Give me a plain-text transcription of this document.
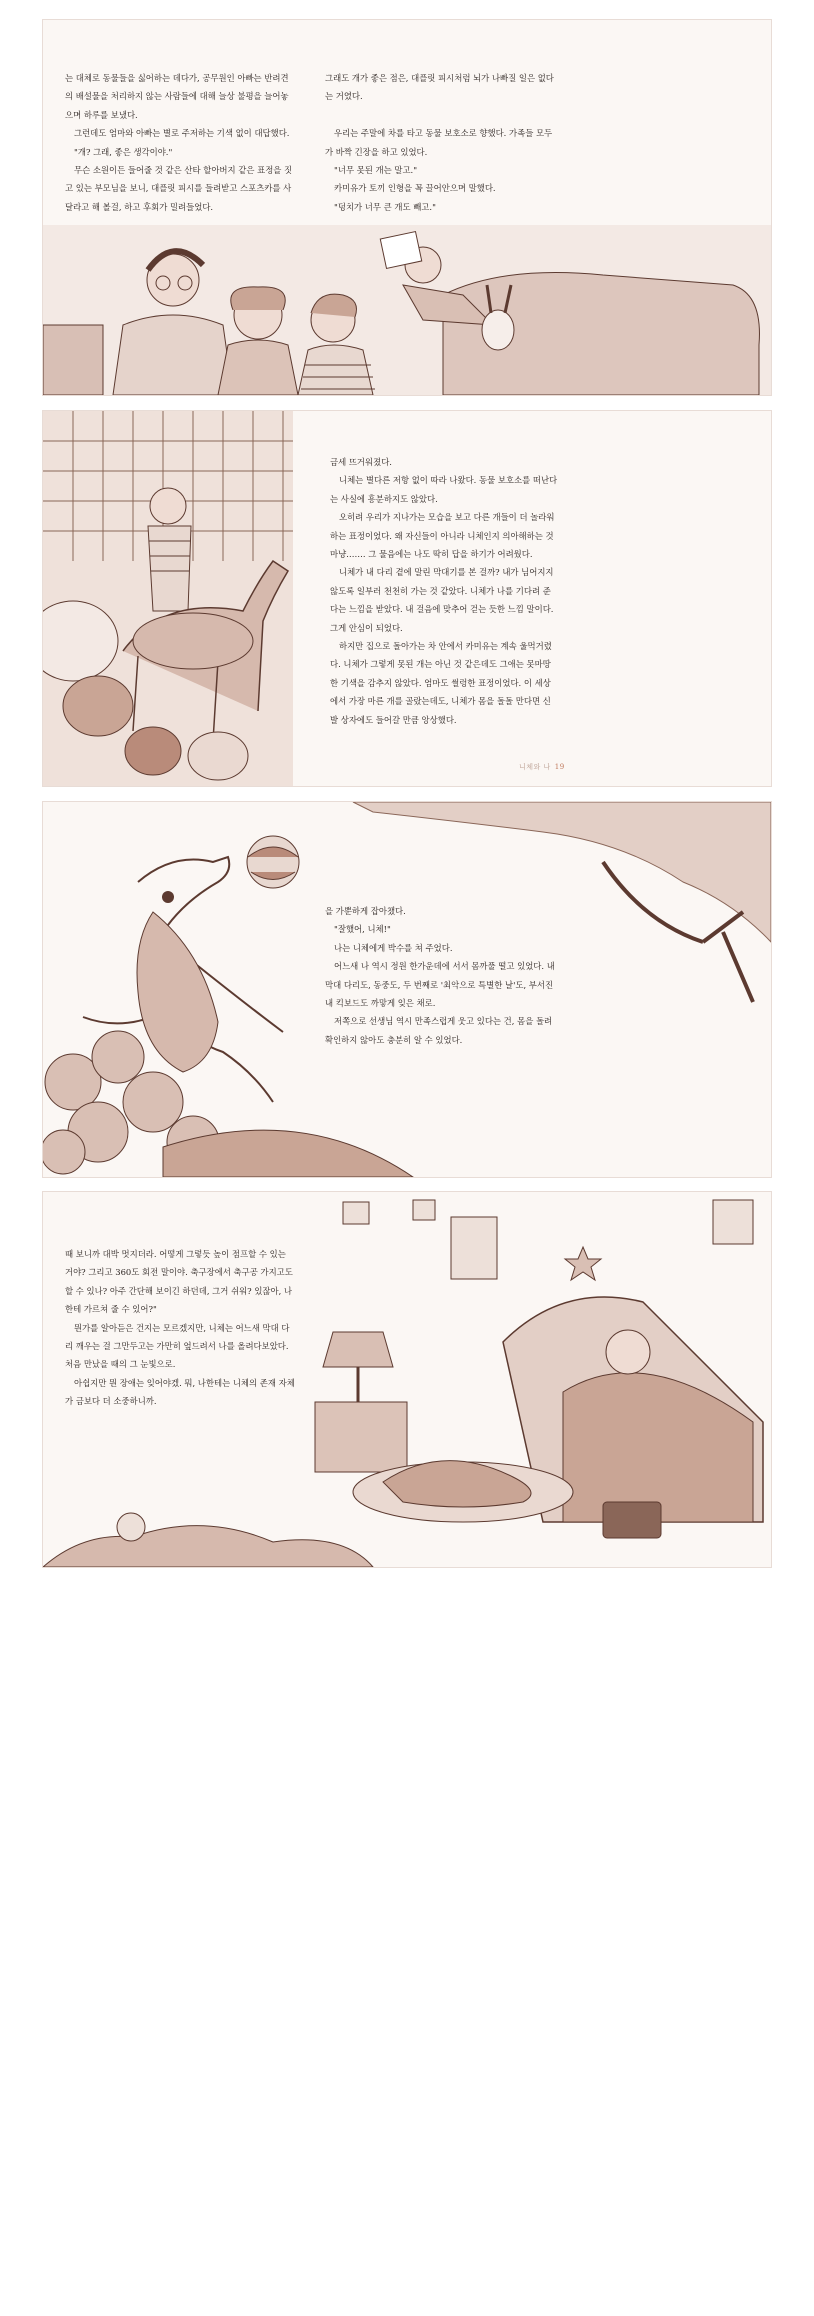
는 대체로 동물들을 싫어하는 데다가, 공무원인 아빠는 반려견의 배설물을 처리하지 않는 사람들에 대해 늘상 불평을 늘어놓으며 하루를 보냈다.

그런데도 엄마와 아빠는 별로 주저하는 기색 없이 대답했다.

"개? 그래, 좋은 생각이야."

무슨 소원이든 들어줄 것 같은 산타 할아버지 같은 표정을 짓고 있는 부모님을 보니, 대플릿 피시를 들려받고 스포츠카를 사 달라고 해 볼걸, 하고 후회가 밀려들었다.

그래도 개가 좋은 점은, 대플릿 피시처럼 뇌가 나빠질 일은 없다는 거였다.

우리는 주말에 차를 타고 동물 보호소로 향했다. 가족들 모두가 바짝 긴장을 하고 있었다.

"너무 못된 개는 말고."

카미유가 토끼 인형을 꼭 끌어안으며 말했다.

"덩치가 너무 큰 개도 빼고."

금세 뜨거워졌다.

니체는 별다른 저항 없이 따라 나왔다. 동물 보호소를 떠난다는 사실에 흥분하지도 않았다.

오히려 우리가 지나가는 모습을 보고 다른 개들이 더 놀라워하는 표정이었다. 왜 자신들이 아니라 니체인지 의아해하는 것마냥……. 그 물음에는 나도 딱히 답을 하기가 어려웠다.

니체가 내 다리 곁에 말린 막대기를 본 걸까? 내가 님어지지 않도록 일부러 천천히 가는 것 같았다. 니체가 나를 기다려 준다는 느낌을 받았다. 내 걸음에 맞추어 걷는 듯한 느낌 말이다. 그게 안심이 되었다.

하지만 집으로 돌아가는 차 안에서 카미유는 계속 울먹거렸다. 니체가 그렇게 못된 개는 아닌 것 같은데도 그애는 못마땅한 기색을 감추지 않았다. 엄마도 썰렁한 표정이었다. 이 세상에서 가장 마른 개를 골랐는데도, 니체가 몸을 돌돌 만다면 신발 상자에도 들어갈 만큼 앙상했다.

니체와 나 19

을 가뿐하게 잡아챘다.

"잘했어, 니체!"

나는 니체에게 박수를 쳐 주었다.

어느새 나 역시 정원 한가운데에 서서 몸까풀 떨고 있었다. 내 막대 다리도, 동중도, 두 번째로 '최악으로 특별한 날'도, 부서진 내 킥보드도 까맣게 잊은 채로.

저쪽으로 선생님 역시 만족스럽게 웃고 있다는 건, 몸을 돌려 확인하지 않아도 충분히 알 수 있었다.

때 보니까 대박 멋지더라. 어떻게 그렇듯 높이 점프할 수 있는 거야? 그리고 360도 회전 말이야. 축구장에서 축구공 가지고도 할 수 있나? 아주 간단해 보이긴 하던데, 그거 쉬워? 있잖아, 나한테 가르쳐 줄 수 있어?"

뭔가를 알아듣은 건지는 모르겠지만, 니체는 어느새 막대 다리 깨우는 걸 그만두고는 가만히 엎드려서 나를 올려다보았다. 처음 만났을 때의 그 눈빛으로.

아쉽지만 뭔 장애는 잊어야겠. 뭐, 나한테는 니체의 존재 자체가 금보다 더 소중하니까.
